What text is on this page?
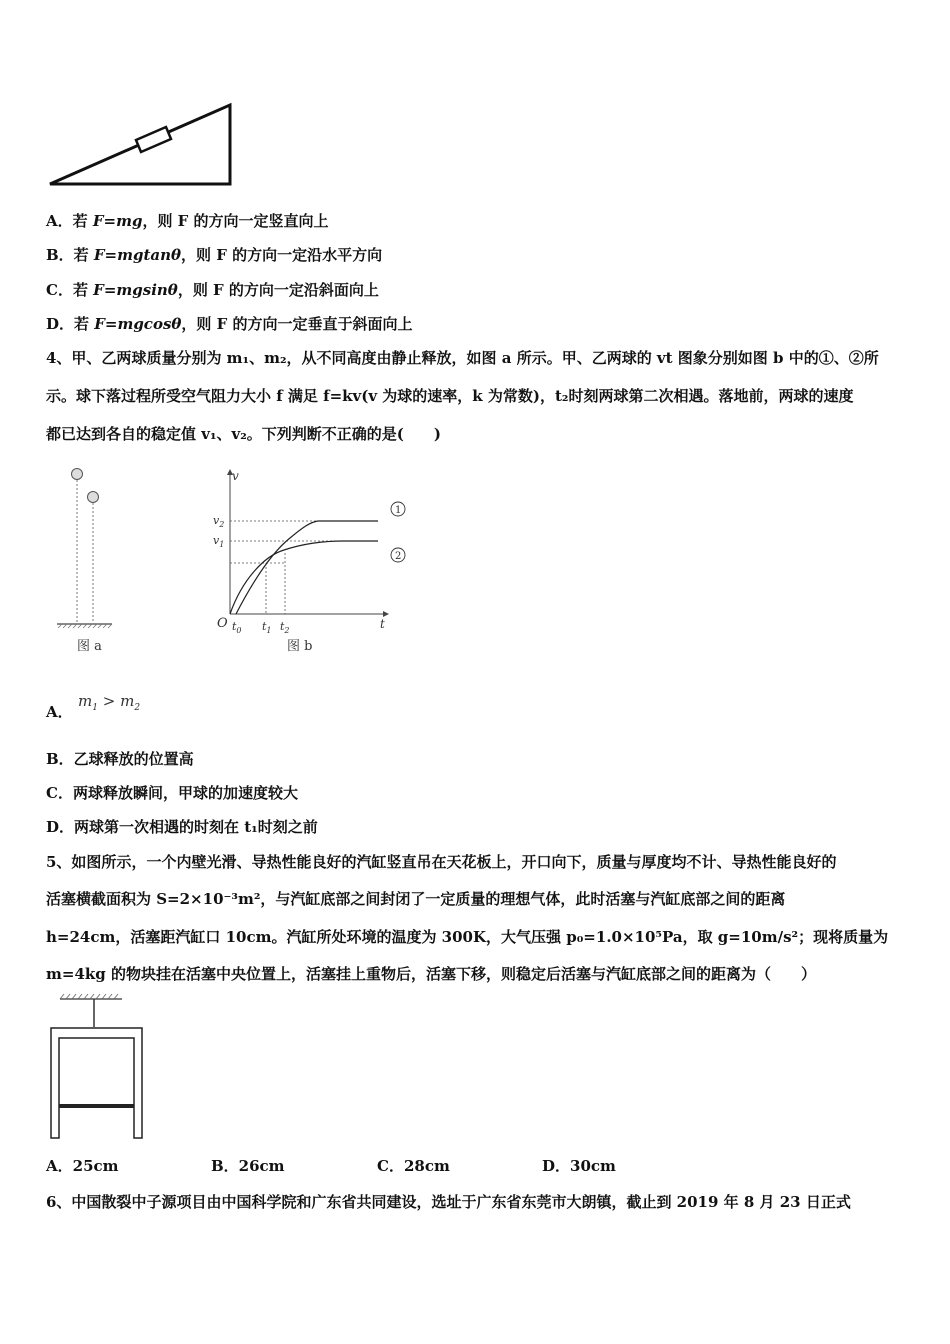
A．若 F=mg，则 F 的方向一定竖直向上
B．若 F=mgtanθ，则 F 的方向一定沿水平方向
C．若 F=mgsinθ，则 F 的方向一定沿斜面向上
D．若 F=mgcosθ，则 F 的方向一定垂直于斜面向上
4、甲、乙两球质量分别为 m₁、m₂，从不同高度由静止释放，如图 a 所示。甲、乙两球的 vt 图象分别如图 b 中的①、②所
示。球下落过程所受空气阻力大小 f 满足 f=kv(v 为球的速率，k 为常数)，t₂时刻两球第二次相遇。落地前，两球的速度
都已达到各自的稳定值 v₁、v₂。下列判断不正确的是(　　)
图 a
v
t
O
$v_2$
$v_1$
1
2
$t_0$ $t_1$ $t_2$
图 b
A．
$m_1 > m_2$
B．乙球释放的位置高
C．两球释放瞬间，甲球的加速度较大
D．两球第一次相遇的时刻在 t₁时刻之前
5、如图所示，一个内壁光滑、导热性能良好的汽缸竖直吊在天花板上，开口向下，质量与厚度均不计、导热性能良好的
活塞横截面积为 S=2×10⁻³m²，与汽缸底部之间封闭了一定质量的理想气体，此时活塞与汽缸底部之间的距离
h=24cm，活塞距汽缸口 10cm。汽缸所处环境的温度为 300K，大气压强 p₀=1.0×10⁵Pa，取 g=10m/s²；现将质量为
m=4kg 的物块挂在活塞中央位置上，活塞挂上重物后，活塞下移，则稳定后活塞与汽缸底部之间的距离为（　　）
A．25cm	B．26cm	C．28cm	D．30cm
6、中国散裂中子源项目由中国科学院和广东省共同建设，选址于广东省东莞市大朗镇，截止到 2019 年 8 月 23 日正式
